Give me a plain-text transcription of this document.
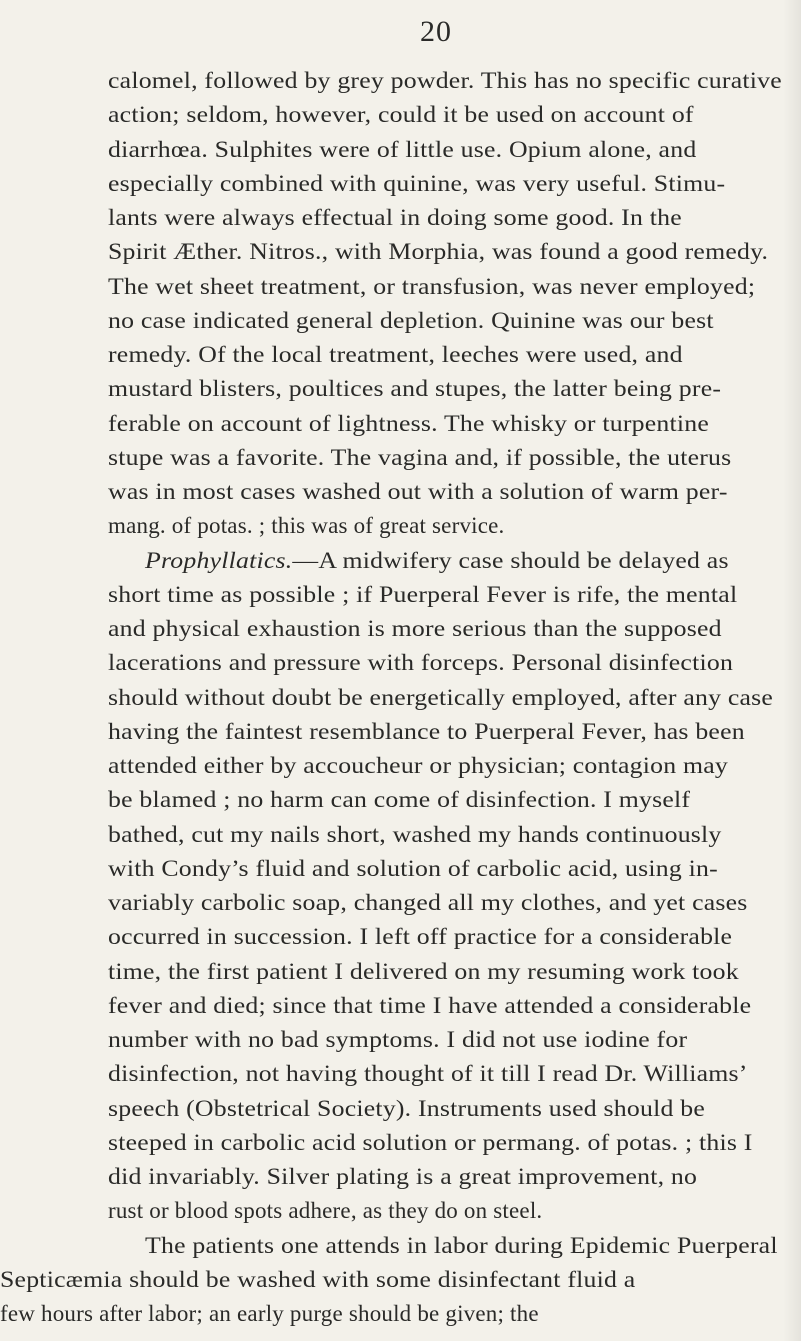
20
calomel, followed by grey powder. This has no specific curative
action; seldom, however, could it be used on account of
diarrhœa. Sulphites were of little use. Opium alone, and
especially combined with quinine, was very useful. Stimu-
lants were always effectual in doing some good. In the
Spirit Æther. Nitros., with Morphia, was found a good remedy.
The wet sheet treatment, or transfusion, was never employed;
no case indicated general depletion. Quinine was our best
remedy. Of the local treatment, leeches were used, and
mustard blisters, poultices and stupes, the latter being pre-
ferable on account of lightness. The whisky or turpentine
stupe was a favorite. The vagina and, if possible, the uterus
was in most cases washed out with a solution of warm per-
mang. of potas. ; this was of great service.
Prophyllatics.—A midwifery case should be delayed as
short time as possible ; if Puerperal Fever is rife, the mental
and physical exhaustion is more serious than the supposed
lacerations and pressure with forceps. Personal disinfection
should without doubt be energetically employed, after any case
having the faintest resemblance to Puerperal Fever, has been
attended either by accoucheur or physician; contagion may
be blamed ; no harm can come of disinfection. I myself
bathed, cut my nails short, washed my hands continuously
with Condy’s fluid and solution of carbolic acid, using in-
variably carbolic soap, changed all my clothes, and yet cases
occurred in succession. I left off practice for a considerable
time, the first patient I delivered on my resuming work took
fever and died; since that time I have attended a considerable
number with no bad symptoms. I did not use iodine for
disinfection, not having thought of it till I read Dr. Williams’
speech (Obstetrical Society). Instruments used should be
steeped in carbolic acid solution or permang. of potas. ; this I
did invariably. Silver plating is a great improvement, no
rust or blood spots adhere, as they do on steel.
The patients one attends in labor during Epidemic Puerperal
Septicæmia should be washed with some disinfectant fluid a
few hours after labor; an early purge should be given; the
